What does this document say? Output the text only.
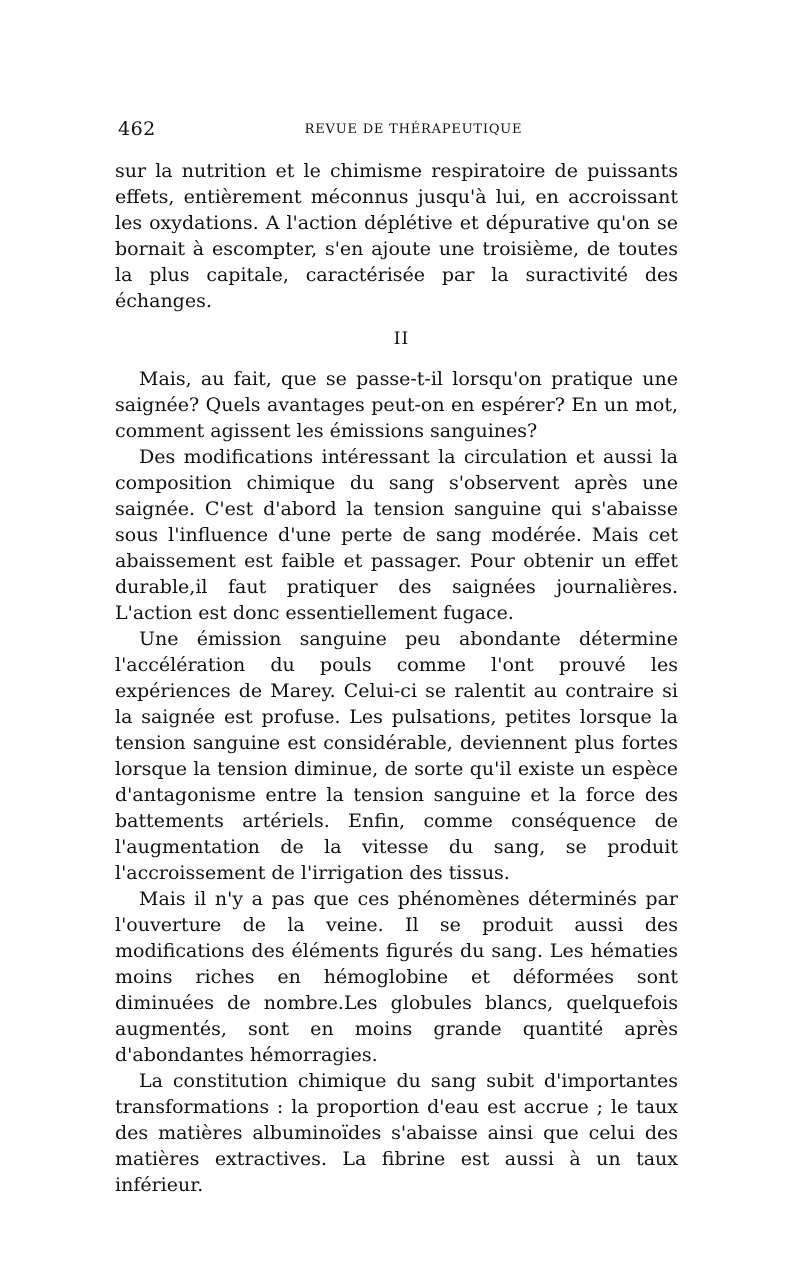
462	REVUE DE THÉRAPEUTIQUE

sur la nutrition et le chimisme respiratoire de puissants effets, entièrement méconnus jusqu'à lui, en accroissant les oxydations. A l'action déplétive et dépurative qu'on se bornait à escompter, s'en ajoute une troisième, de toutes la plus capitale, caractérisée par la suractivité des échanges.

II

Mais, au fait, que se passe-t-il lorsqu'on pratique une saignée? Quels avantages peut-on en espérer? En un mot, comment agissent les émissions sanguines?

Des modifications intéressant la circulation et aussi la composition chimique du sang s'observent après une saignée. C'est d'abord la tension sanguine qui s'abaisse sous l'influence d'une perte de sang modérée. Mais cet abaissement est faible et passager. Pour obtenir un effet durable,il faut pratiquer des saignées journalières. L'action est donc essentiellement fugace.

Une émission sanguine peu abondante détermine l'accélération du pouls comme l'ont prouvé les expériences de Marey. Celui-ci se ralentit au contraire si la saignée est profuse. Les pulsations, petites lorsque la tension sanguine est considérable, deviennent plus fortes lorsque la tension diminue, de sorte qu'il existe un espèce d'antagonisme entre la tension sanguine et la force des battements artériels. Enfin, comme conséquence de l'augmentation de la vitesse du sang, se produit l'accroissement de l'irrigation des tissus.

Mais il n'y a pas que ces phénomènes déterminés par l'ouverture de la veine. Il se produit aussi des modifications des éléments figurés du sang. Les hématies moins riches en hémoglobine et déformées sont diminuées de nombre.Les globules blancs, quelquefois augmentés, sont en moins grande quantité après d'abondantes hémorragies.

La constitution chimique du sang subit d'importantes transformations : la proportion d'eau est accrue ; le taux des matières albuminoïdes s'abaisse ainsi que celui des matières extractives. La fibrine est aussi à un taux inférieur.
